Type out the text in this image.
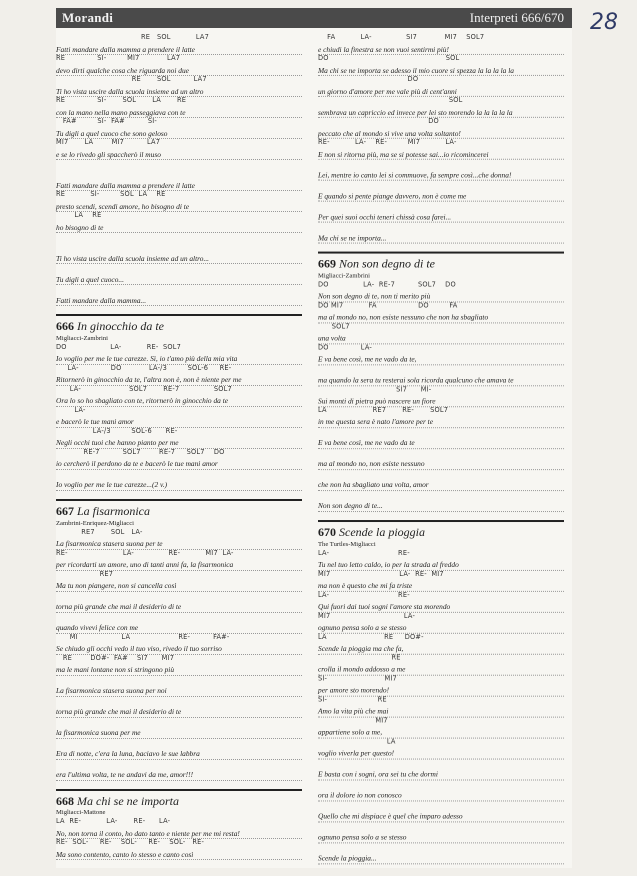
Morandi	Interpreti 666/670
RE   SOL           LA7
Fatti mandare dalla mamma a prendere il latte
RE              SI-         MI7            LA7
devo dirti qualche cosa che riguarda noi due
RE       SOL          LA7
Ti ho vista uscire dalla scuola insieme ad un altro
RE              SI-       SOL       LA       RE
con la mano nella mano passeggiava con te
FA#         SI-  FA#          SI-
Tu digli a quel cuoco che sono geloso
MI7       LA        MI7          LA7
e se lo rivedo gli spaccherò il muso
Fatti mandare dalla mamma a prendere il latte
RE           SI-         SOL  LA    RE
presto scendi, scendi amore, ho bisogno di te
LA    RE
ho bisogno di te
Ti ho vista uscire dalla scuola insieme ad un altro...
Tu digli a quel cuoco...
Fatti mandare dalla mamma...
666 In ginocchio da te
Migliacci-Zambrini
DO                   LA-           RE-  SOL7
Io voglio per me le tue carezze. Sì, io t'amo più della mia vita
LA-              DO            LA-/3         SOL-6     RE-
Ritornerò in ginocchio da te, l'altra non è, non è niente per me
LA-                     SOL7       RE-7               SOL7
Ora lo so ho sbagliato con te, ritornerò in ginocchio da te
LA-
e bacerò le tue mani amor
LA-/3         SOL-6      RE-
Negli occhi tuoi che hanno pianto per me
RE-7          SOL7        RE-7     SOL7    DO
io cercherò il perdono da te e bacerò le tue mani amor
Io voglio per me le tue carezze...(2 v.)
667 La fisarmonica
Zambrini-Enriquez-Migliacci
RE7       SOL   LA-
La fisarmonica stasera suona per te
RE-                        LA-               RE-           MI7  LA-
per ricordarti un amore, uno di tanti anni fa, la fisarmonica
RE7
Ma tu non piangere, non si cancella così
torna più grande che mai il desiderio di te
quando vivevi felice con me
MI                   LA                     RE-          FA#-
Se chiudo gli occhi vedo il tuo viso, rivedo il tuo sorriso
RE        DO#-  FA#    SI7      MI7
ma le mani lontane non si stringono più
La fisarmonica stasera suona per noi
torna più grande che mai il desiderio di te
la fisarmonica suona per me
Era di notte, c'era la luna, baciavo le sue labbra
era l'ultima volta, te ne andavi da me, amor!!!
668 Ma chi se ne importa
Migliacci-Mattone
LA  RE-           LA-       RE-      LA-
No, non torna il conto, ho dato tanto e niente per me mi resta!
RE-  SOL-     RE-    SOL-     RE-    SOL-   RE-
Ma sono contento, canto lo stesso e canto così
FA           LA-               SI7            MI7    SOL7
e chiudi la finestra se non vuoi sentirmi più!
DO                                                   SOL
Ma chi se ne importa se adesso il mio cuore si spezza la la la la la
DO
un giorno d'amore per me vale più di cent'anni
SOL
sembrava un capriccio ed invece per lei sto morendo la la la la la
DO
peccato che al mondo si vive una volta soltanto!
RE-           LA-    RE-         MI7           LA-
E non si ritorna più, ma se si potesse sai...io ricomincerei
Lei, mentre io canto lei si commuove, fa sempre così...che donna!
E quando si pente piange davvero, non è come me
Per quei suoi occhi teneri chissà cosa farei...
Ma chi se ne importa...
669 Non son degno di te
Migliacci-Zambrini
DO               LA-  RE-7          SOL7    DO
Non son degno di te, non ti merito più
DO MI7           FA                  DO         FA
ma al mondo no, non esiste nessuno che non ha sbagliato
SOL7
una volta
DO              LA-
E va bene così, me ne vado da te,
ma quando la sera tu resterai sola ricorda qualcuno che amava te
SI7      MI-
Sui monti di pietra può nascere un fiore
LA                    RE7       RE-       SOL7
in me questa sera è nato l'amore per te
E va bene così, me ne vado da te
ma al mondo no, non esiste nessuno
che non ha sbagliato una volta, amor
Non son degno di te...
670 Scende la pioggia
The Turtles-Migliacci
LA-                              RE-
Tu nel tuo letto caldo, io per la strada al freddo
MI7                              LA-  RE-  MI7
ma non è questo che mi fa triste
LA-                              RE-
Qui fuori dai tuoi sogni l'amore sta morendo
MI7                                LA-
ognuno pensa solo a se stesso
LA                         RE     DO#-
Scende la pioggia ma che fa,
RE
crolla il mondo addosso a me
SI-                         MI7
per amore sto morendo!
SI-                      RE
Amo la vita più che mai
MI7
appartiene solo a me,
LA
voglio viverla per questo!
E basta con i sogni, ora sei tu che dormi
ora il dolore io non conosco
Quello che mi dispiace è quel che imparo adesso
ognuno pensa solo a se stesso
Scende la pioggia...
28
